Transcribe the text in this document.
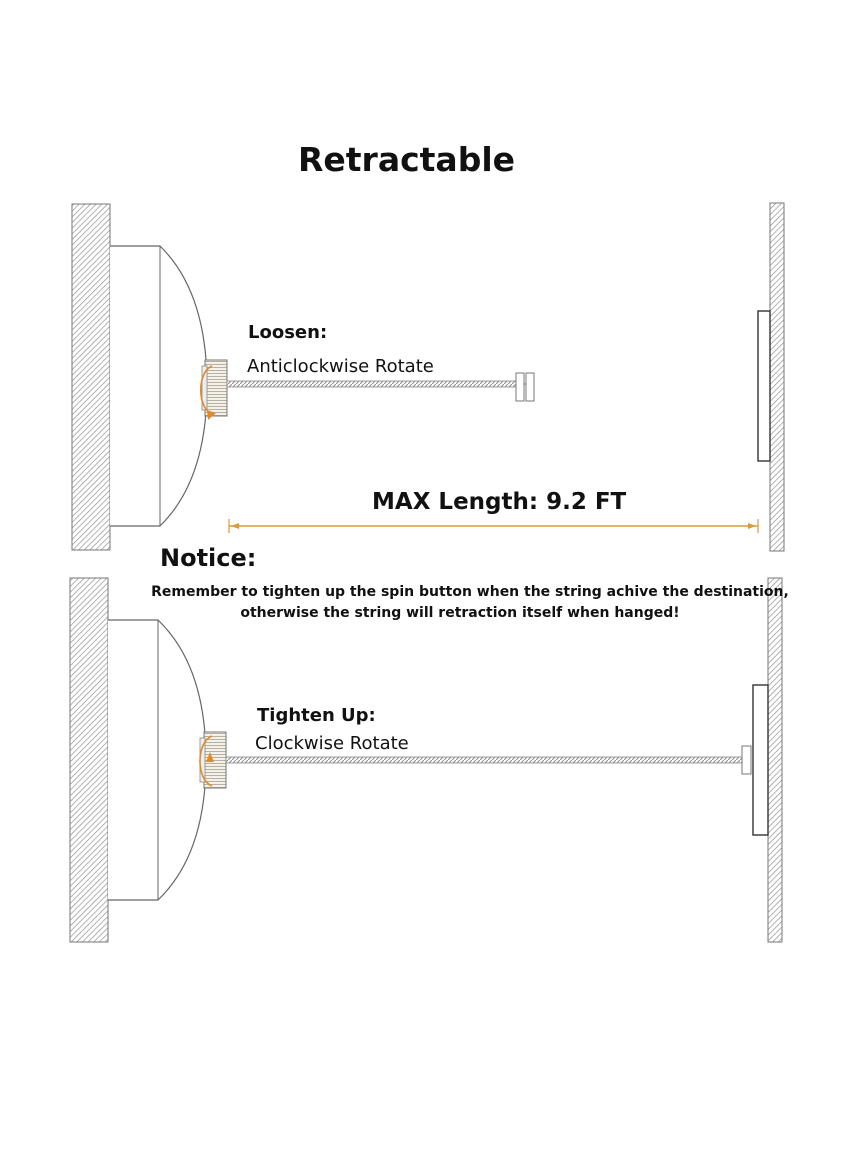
Retractable
Loosen:
Anticlockwise Rotate
MAX Length: 9.2 FT
Notice:
Remember to tighten up the spin button when the string achive the destination,
otherwise the string will retraction itself when hanged!
Tighten Up:
Clockwise Rotate
